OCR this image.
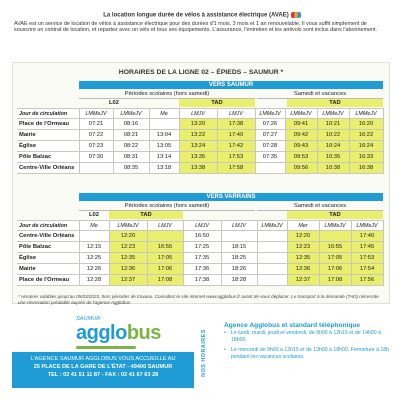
La location longue durée de vélos à assistance électrique (AVAE)
AVAE est un service de location de vélos à assistance électrique pour des durées d'1 mois, 3 mois et 1 an renouvelable. Il vous suffit simplement de souscrire un contrat de location, et repartez avec un vélo et tous ses équipements. L'assurance, l'entretien et les antivols sont inclus dans l'abonnement.
HORAIRES DE LA LIGNE 02 – ÉPIEDS – SAUMUR *
VERS SAUMUR
Périodes scolaires (hors samedi)	Samedi et vacances
L02	TAD	TAD
Jour de circulation	LMMeJV	LMMeJV	Me	LMJV	LMJV	LMMeJV	LMMeJV	LMMeJV	LMMeJV
Place de l'Ormeau	07:21	08:16		13:20	17:38	07:26	09:41	10:21	16:20
Mairie	07:22	08:21	13:04	13:22	17:40	07:27	09:42	10:22	16:22
Église	07:23	08:22	13:05	13:24	17:42	07:28	09:43	10:24	16:24
Pôle Balzac	07:30	08:31	13:14	13:35	17:53	07:35	09:53	10:35	16:33
Centre-Ville Orléans		08:35	13:18	13:38	17:58		09:56	10:38	16:38
VERS VARRAINS
Périodes scolaires (hors samedi)	Samedi et vacances
L02	TAD	TAD
Jour de circulation	Me	LMMeJV	LMJV	LMJV	LMJV	LMMeJV	Mer	LMMeJV	LMMeJV
Centre-Ville Orléans		12:20		16:50			12:20		17:40
Pôle Balzac	12:15	12:23	16:55	17:25	18:15		12:23	16:55	17:45
Église	12:25	12:35	17:05	17:35	18:25		12:35	17:05	17:53
Mairie	12:26	12:36	17:06	17:36	18:26		12:36	17:06	17:54
Place de l'Ormeau	12:28	12:37	17:08	17:38	18:28		12:37	17:08	17:56
* Horaires valables jusqu'au 05/03/2023, hors périodes de travaux. Consultez le site internet www.agglobus.fr avant de vous déplacer. Le transport à la demande (TAD) nécessite une réservation préalable auprès de l'agence Agglobus.
SAUMUR
agglobus
L'AGENCE SAUMUR AGGLOBUS VOUS ACCUEILLE AU
25 PLACE DE LA GARE DE L'ÉTAT - 49400 SAUMUR
TEL : 02 41 51 11 87 - FAX : 02 41 67 63 28	NOS HORAIRES
Agence Agglobus et standard téléphonique
• Le lundi, mardi, jeudi et vendredi, de 9h00 à 12h15 et de 14h00 à 18h00.
• Le mercredi de 9h00 à 12h15 et de 13h00 à 18h00. Fermeture à 18h pendant les vacances scolaires.
